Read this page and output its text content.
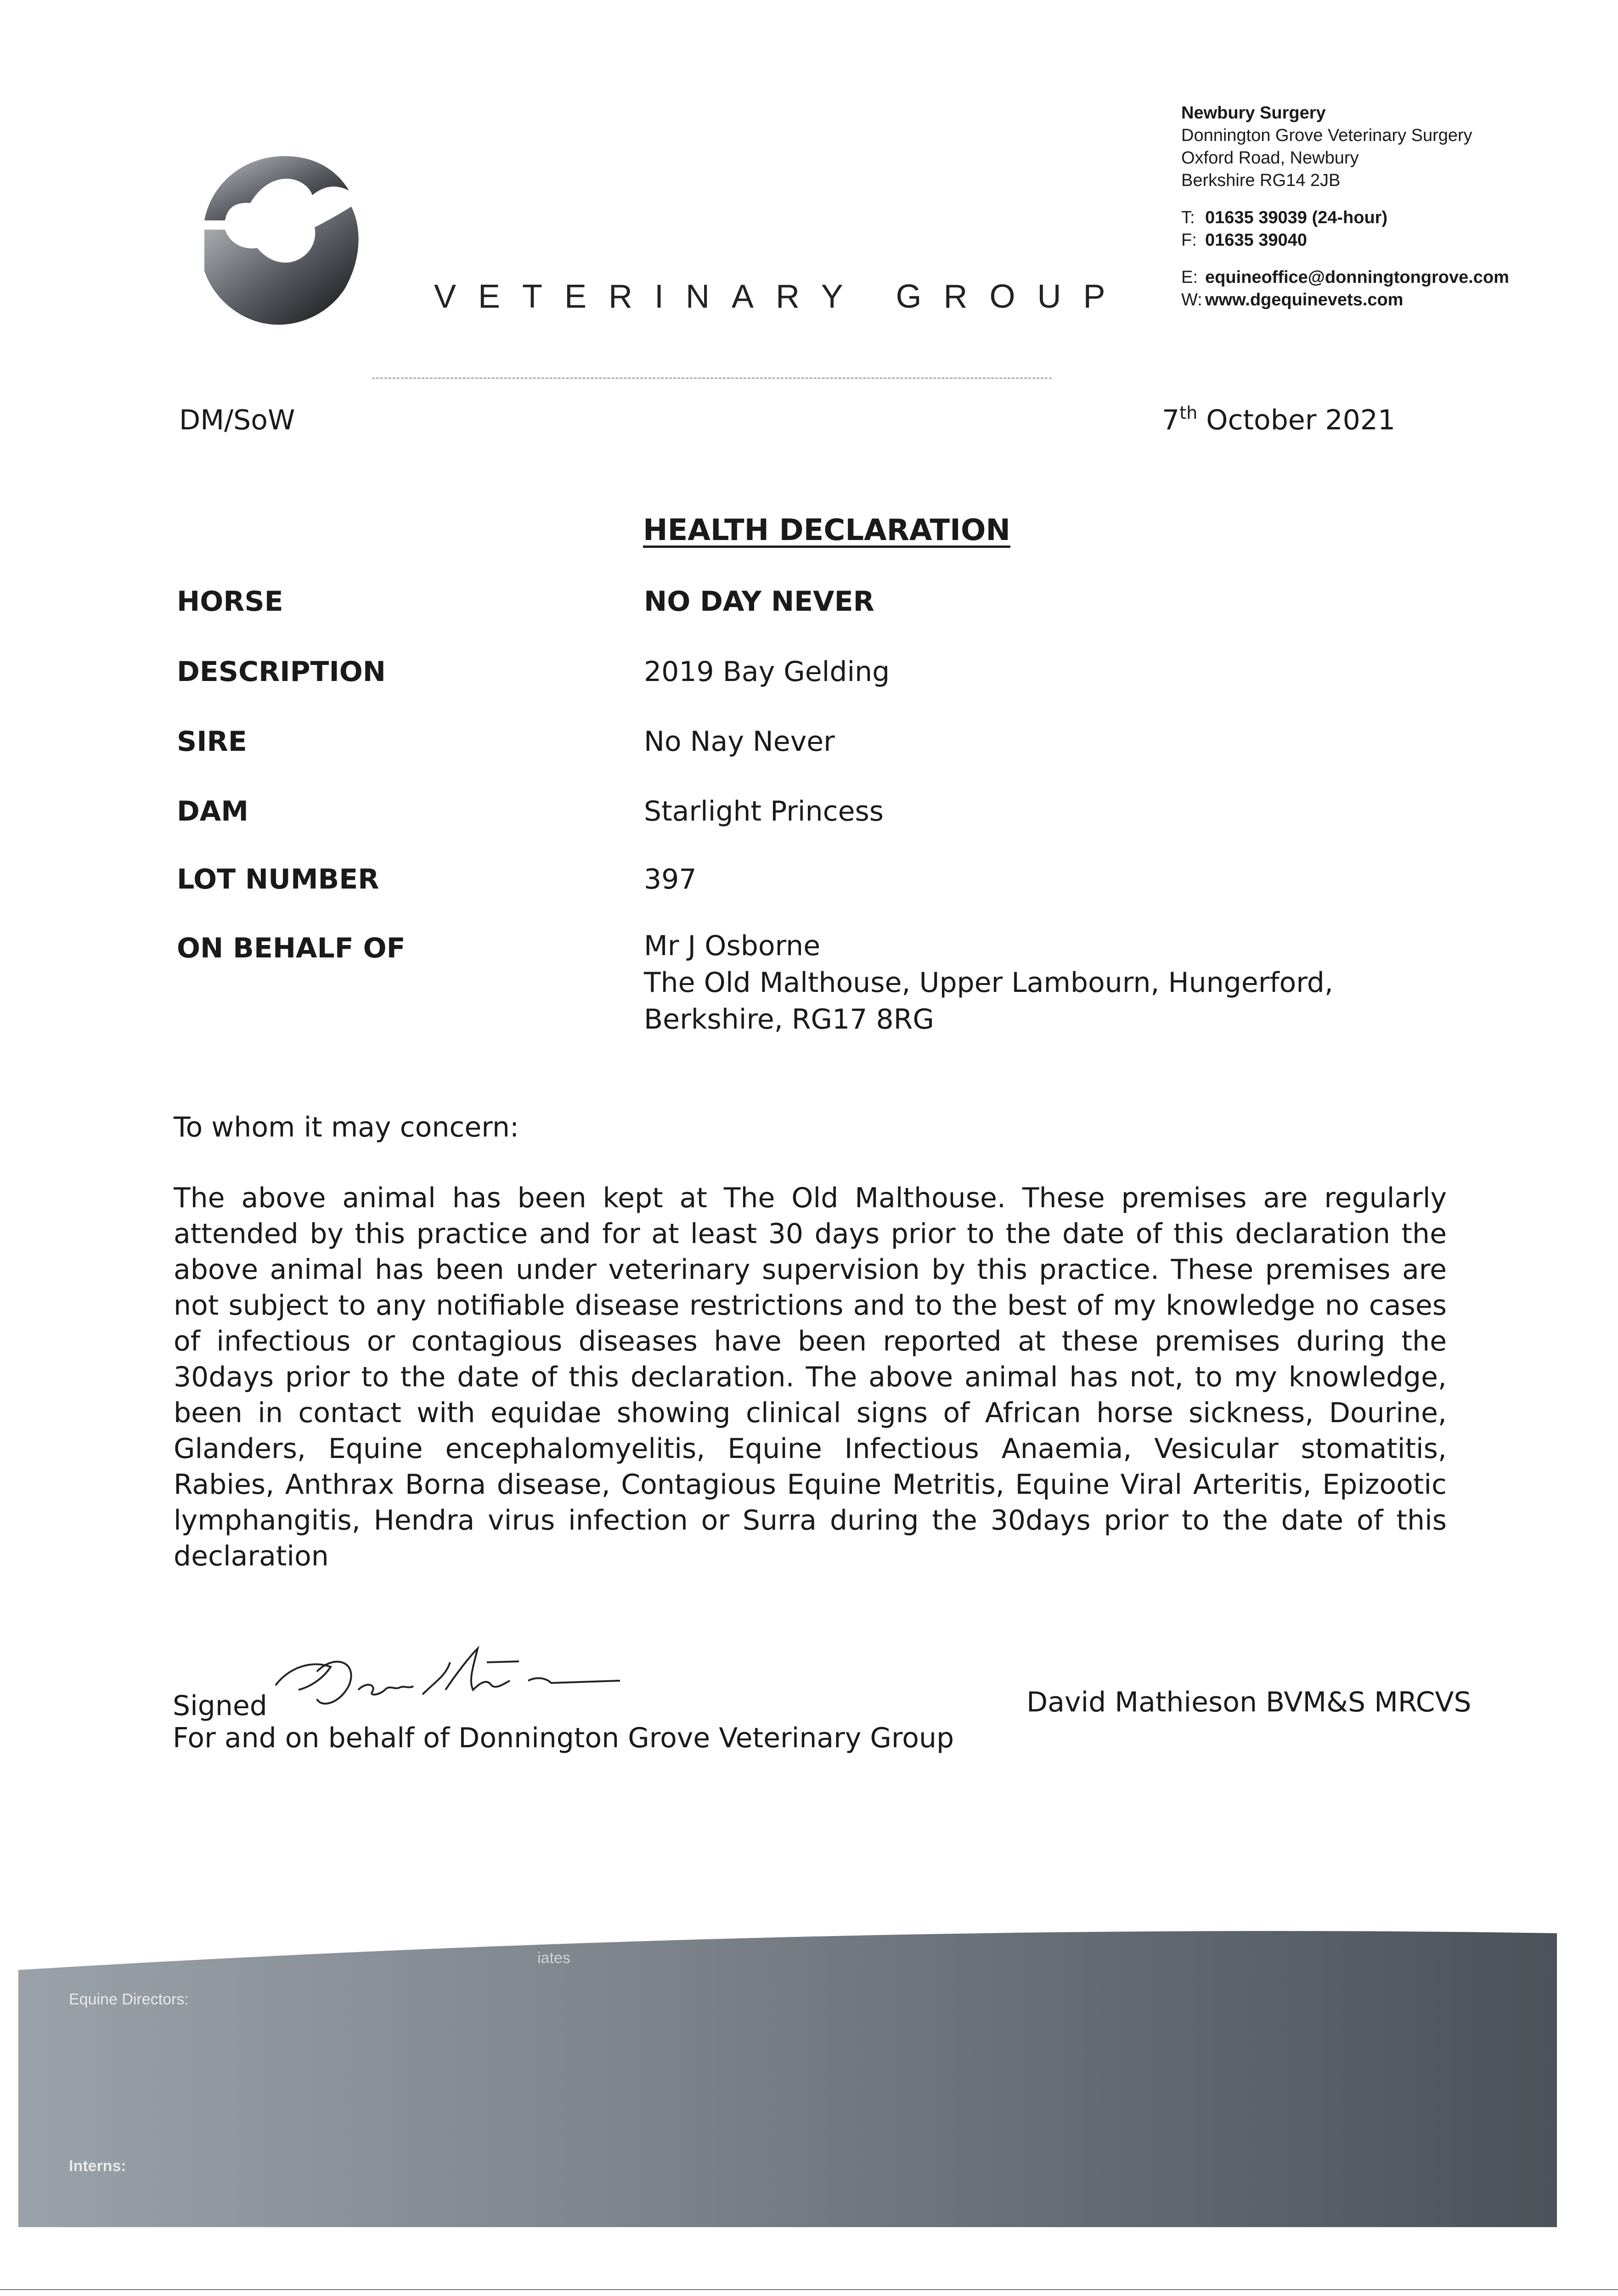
VETERINARY GROUP
Newbury Surgery
Donnington Grove Veterinary Surgery
Oxford Road, Newbury
Berkshire RG14 2JB
T: 01635 39039 (24-hour)
F: 01635 39040
E: equineoffice@donningtongrove.com
W: www.dgequinevets.com
DM/SoW	7th October 2021
HEALTH DECLARATION
HORSE	NO DAY NEVER
DESCRIPTION	2019 Bay Gelding
SIRE	No Nay Never
DAM	Starlight Princess
LOT NUMBER	397
ON BEHALF OF	Mr J Osborne
The Old Malthouse, Upper Lambourn, Hungerford,
Berkshire, RG17 8RG
To whom it may concern:

The above animal has been kept at The Old Malthouse. These premises are regularly attended by this practice and for at least 30 days prior to the date of this declaration the above animal has been under veterinary supervision by this practice. These premises are not subject to any notifiable disease restrictions and to the best of my knowledge no cases of infectious or contagious diseases have been reported at these premises during the 30days prior to the date of this declaration. The above animal has not, to my knowledge, been in contact with equidae showing clinical signs of African horse sickness, Dourine, Glanders, Equine encephalomyelitis, Equine Infectious Anaemia, Vesicular stomatitis, Rabies, Anthrax Borna disease, Contagious Equine Metritis, Equine Viral Arteritis, Epizootic lymphangitis, Hendra virus infection or Surra during the 30days prior to the date of this declaration

Signed	David Mathieson BVM&S MRCVS
For and on behalf of Donnington Grove Veterinary Group
Equine Directors:
iates
Interns:
